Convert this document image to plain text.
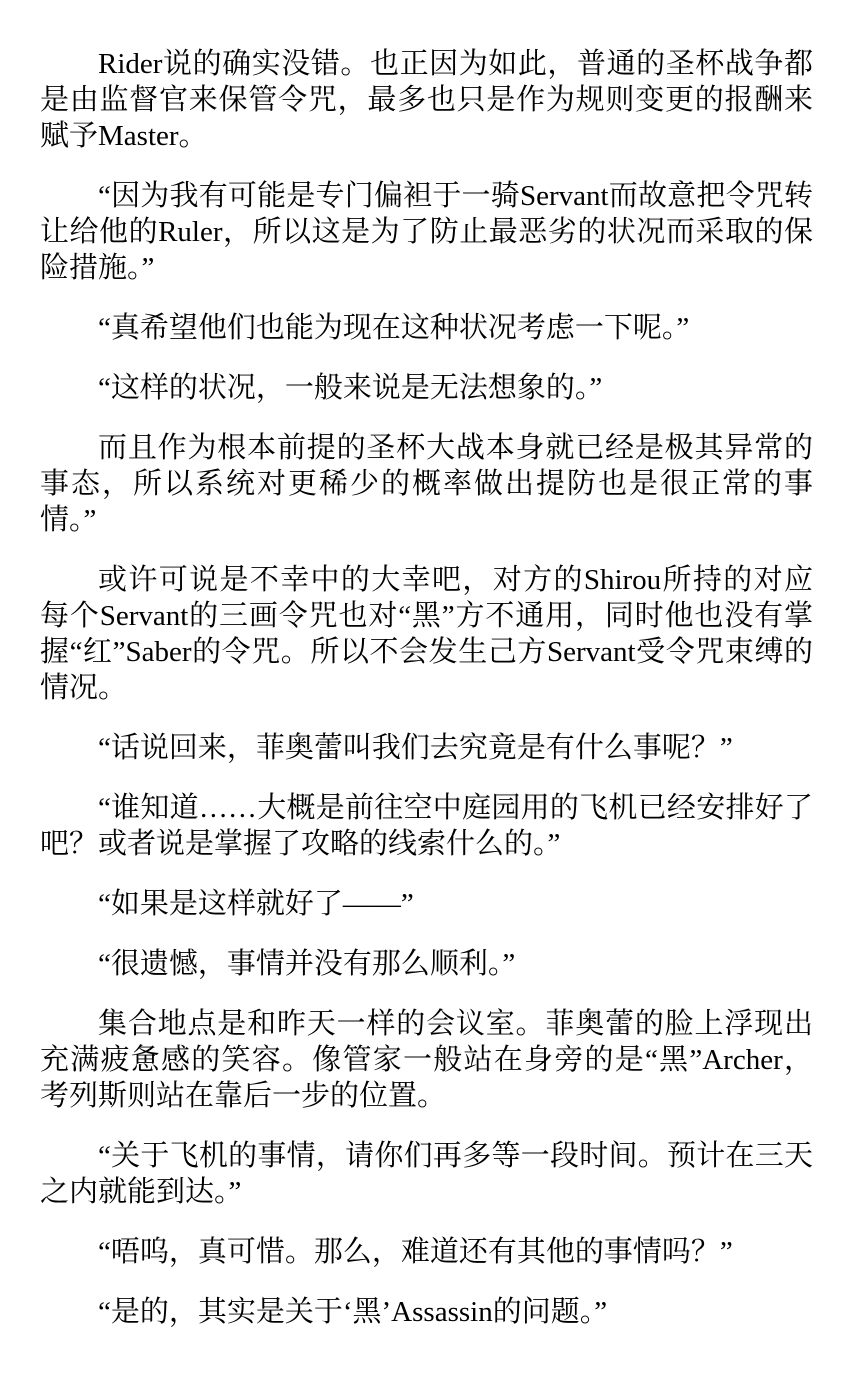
Rider说的确实没错。也正因为如此，普通的圣杯战争都是由监督官来保管令咒，最多也只是作为规则变更的报酬来赋予Master。

“因为我有可能是专门偏袒于一骑Servant而故意把令咒转让给他的Ruler，所以这是为了防止最恶劣的状况而采取的保险措施。”

“真希望他们也能为现在这种状况考虑一下呢。”

“这样的状况，一般来说是无法想象的。”

而且作为根本前提的圣杯大战本身就已经是极其异常的事态，所以系统对更稀少的概率做出提防也是很正常的事情。”

或许可说是不幸中的大幸吧，对方的Shirou所持的对应每个Servant的三画令咒也对“黑”方不通用，同时他也没有掌握“红”Saber的令咒。所以不会发生己方Servant受令咒束缚的情况。

“话说回来，菲奥蕾叫我们去究竟是有什么事呢？”

“谁知道……大概是前往空中庭园用的飞机已经安排好了吧？或者说是掌握了攻略的线索什么的。”

“如果是这样就好了——”

“很遗憾，事情并没有那么顺利。”

集合地点是和昨天一样的会议室。菲奥蕾的脸上浮现出充满疲惫感的笑容。像管家一般站在身旁的是“黑”Archer，考列斯则站在靠后一步的位置。

“关于飞机的事情，请你们再多等一段时间。预计在三天之内就能到达。”

“唔呜，真可惜。那么，难道还有其他的事情吗？”

“是的，其实是关于‘黑’Assassin的问题。”
